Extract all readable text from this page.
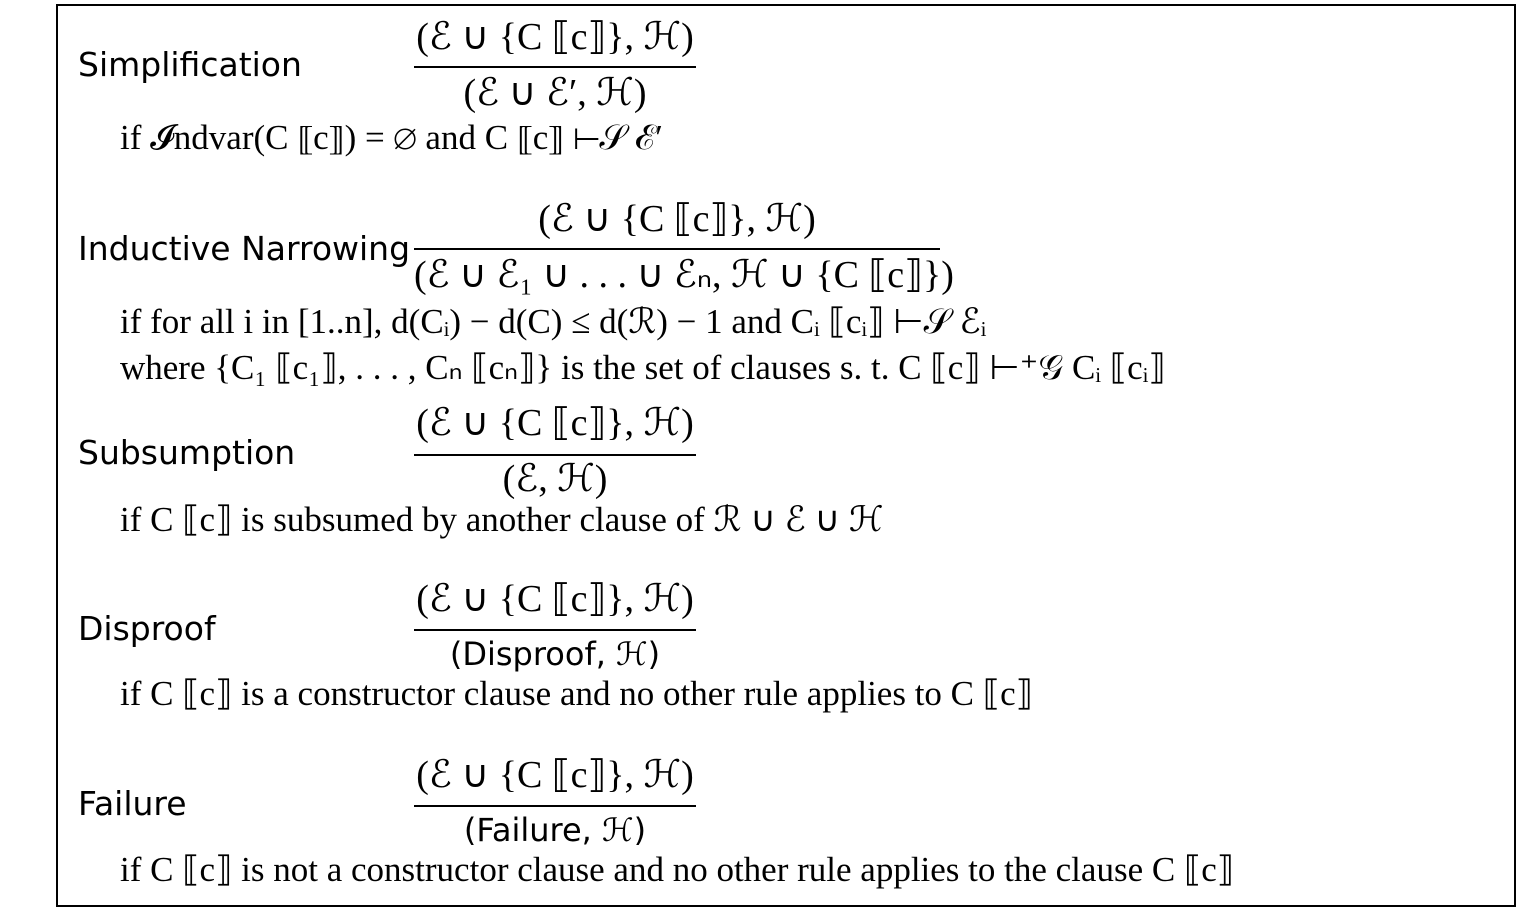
Simplification
(ℰ ∪ {C ⟦c⟧}, ℋ)
(ℰ ∪ ℰ′, ℋ)
if 𝓘ndvar(C ⟦c⟧) = ∅ and C ⟦c⟧ ⊢𝒮 ℰ′
Inductive Narrowing
(ℰ ∪ {C ⟦c⟧}, ℋ)
(ℰ ∪ ℰ₁ ∪ . . . ∪ ℰₙ, ℋ ∪ {C ⟦c⟧})
if for all i in [1..n], d(Cᵢ) − d(C) ≤ d(ℛ) − 1 and Cᵢ ⟦cᵢ⟧ ⊢𝒮 ℰᵢ
where {C₁ ⟦c₁⟧, . . . , Cₙ ⟦cₙ⟧} is the set of clauses s. t. C ⟦c⟧ ⊢⁺𝒢 Cᵢ ⟦cᵢ⟧
Subsumption
(ℰ ∪ {C ⟦c⟧}, ℋ)
(ℰ, ℋ)
if C ⟦c⟧ is subsumed by another clause of ℛ ∪ ℰ ∪ ℋ
Disproof
(ℰ ∪ {C ⟦c⟧}, ℋ)
(Disproof, ℋ)
if C ⟦c⟧ is a constructor clause and no other rule applies to C ⟦c⟧
Failure
(ℰ ∪ {C ⟦c⟧}, ℋ)
(Failure, ℋ)
if C ⟦c⟧ is not a constructor clause and no other rule applies to the clause C ⟦c⟧
